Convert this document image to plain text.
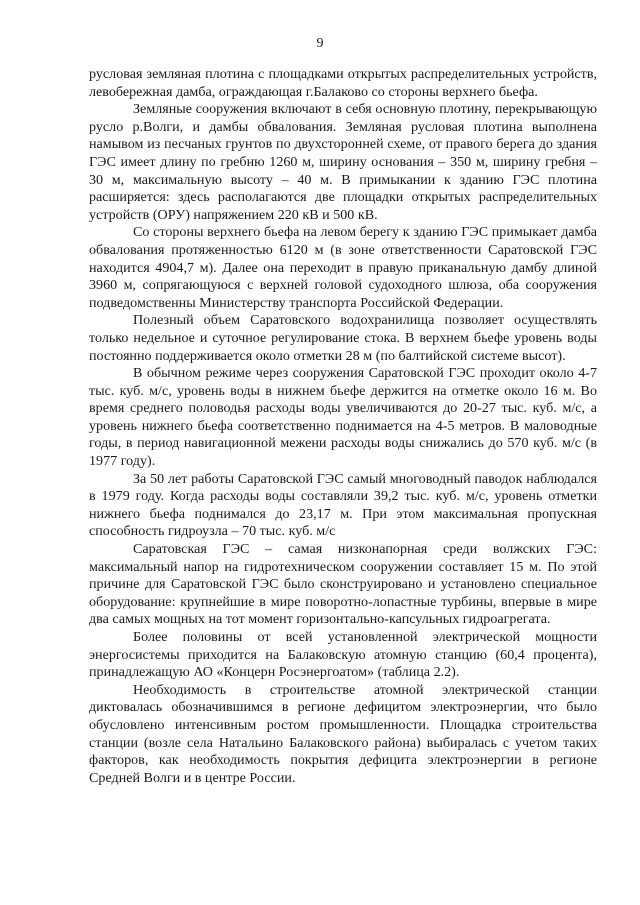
9

русловая земляная плотина с площадками открытых распределительных устройств, левобережная дамба, ограждающая г.Балаково со стороны верхнего бьефа.

Земляные сооружения включают в себя основную плотину, перекрывающую русло р.Волги, и дамбы обвалования. Земляная русловая плотина выполнена намывом из песчаных грунтов по двухсторонней схеме, от правого берега до здания ГЭС имеет длину по гребню 1260 м, ширину основания – 350 м, ширину гребня – 30 м, максимальную высоту – 40 м. В примыкании к зданию ГЭС плотина расширяется: здесь располагаются две площадки открытых распределительных устройств (ОРУ) напряжением 220 кВ и 500 кВ.

Со стороны верхнего бьефа на левом берегу к зданию ГЭС примыкает дамба обвалования протяженностью 6120 м (в зоне ответственности Саратовской ГЭС находится 4904,7 м). Далее она переходит в правую приканальную дамбу длиной 3960 м, сопрягающуюся с верхней головой судоходного шлюза, оба сооружения подведомственны Министерству транспорта Российской Федерации.

Полезный объем Саратовского водохранилища позволяет осуществлять только недельное и суточное регулирование стока. В верхнем бьефе уровень воды постоянно поддерживается около отметки 28 м (по балтийской системе высот).

В обычном режиме через сооружения Саратовской ГЭС проходит около 4-7 тыс. куб. м/с, уровень воды в нижнем бьефе держится на отметке около 16 м. Во время среднего половодья расходы воды увеличиваются до 20-27 тыс. куб. м/с, а уровень нижнего бьефа соответственно поднимается на 4-5 метров. В маловодные годы, в период навигационной межени расходы воды снижались до 570 куб. м/с (в 1977 году).

За 50 лет работы Саратовской ГЭС самый многоводный паводок наблюдался в 1979 году. Когда расходы воды составляли 39,2 тыс. куб. м/с, уровень отметки нижнего бьефа поднимался до 23,17 м. При этом максимальная пропускная способность гидроузла – 70 тыс. куб. м/с

Саратовская ГЭС – самая низконапорная среди волжских ГЭС: максимальный напор на гидротехническом сооружении составляет 15 м. По этой причине для Саратовской ГЭС было сконструировано и установлено специальное оборудование: крупнейшие в мире поворотно-лопастные турбины, впервые в мире два самых мощных на тот момент горизонтально-капсульных гидроагрегата.

Более половины от всей установленной электрической мощности энергосистемы приходится на Балаковскую атомную станцию (60,4 процента), принадлежащую АО «Концерн Росэнергоатом» (таблица 2.2).

Необходимость в строительстве атомной электрической станции диктовалась обозначившимся в регионе дефицитом электроэнергии, что было обусловлено интенсивным ростом промышленности. Площадка строительства станции (возле села Натальино Балаковского района) выбиралась с учетом таких факторов, как необходимость покрытия дефицита электроэнергии в регионе Средней Волги и в центре России.
